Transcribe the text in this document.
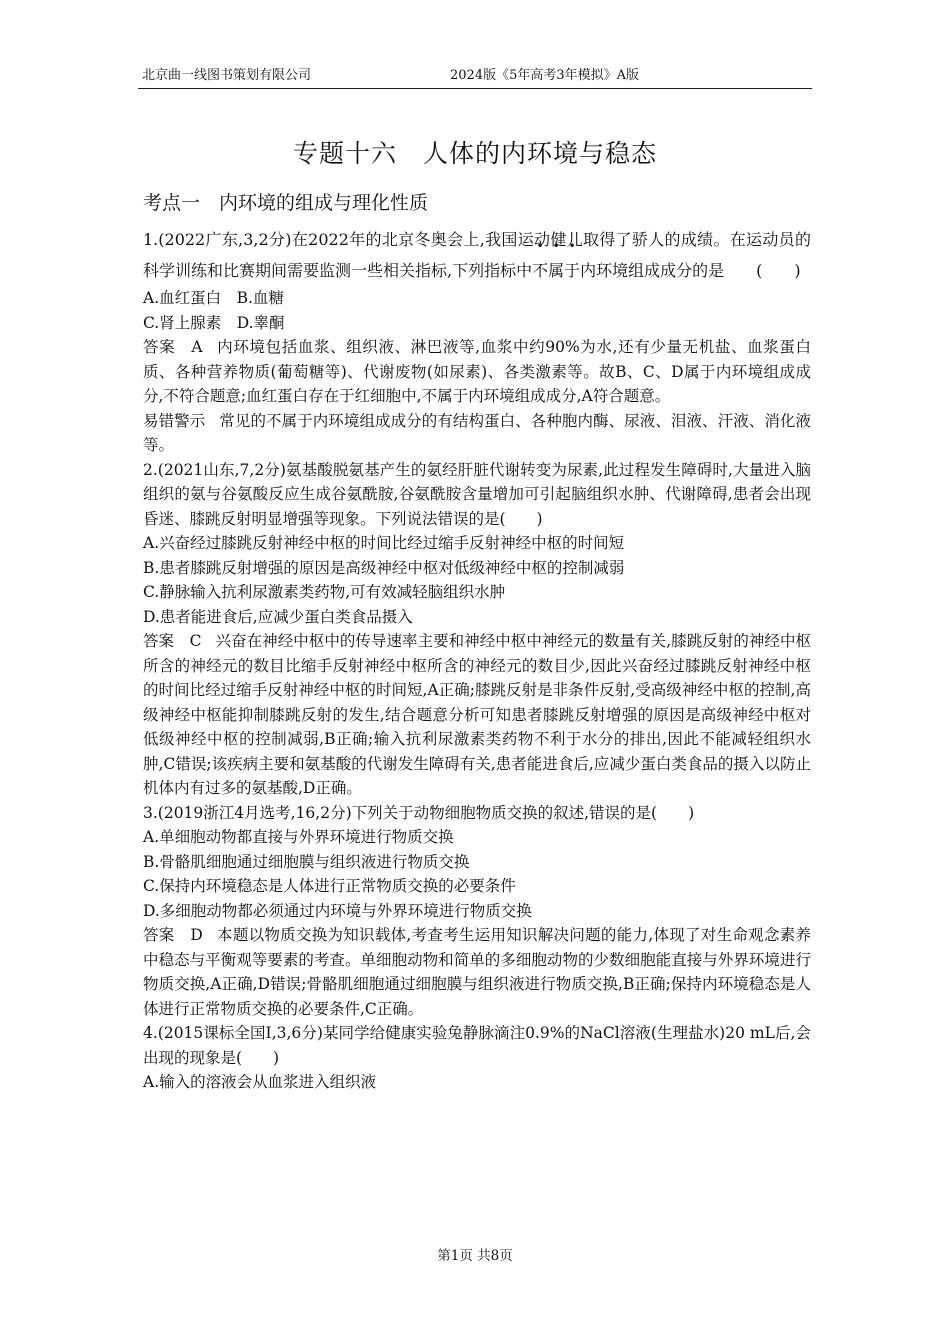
北京曲一线图书策划有限公司	2024版《5年高考3年模拟》A版
专题十六　人体的内环境与稳态
考点一　内环境的组成与理化性质

1.(2022广东,3,2分)在2022年的北京冬奥会上,我国运动健儿取得了骄人的成绩。在运动员的科学训练和比赛期间需要监测一些相关指标,下列指标中不属于内环境组成成分的是　　(　　)

A.血红蛋白　B.血糖

C.肾上腺素　D.睾酮

答案　 A 内环境包括血浆、组织液、淋巴液等,血浆中约90%为水,还有少量无机盐、血浆蛋白质、各种营养物质(葡萄糖等)、代谢废物(如尿素)、各类激素等。故B、C、D属于内环境组成成分,不符合题意;血红蛋白存在于红细胞中,不属于内环境组成成分,A符合题意。

易错警示 常见的不属于内环境组成成分的有结构蛋白、各种胞内酶、尿液、泪液、汗液、消化液等。

2.(2021山东,7,2分)氨基酸脱氨基产生的氨经肝脏代谢转变为尿素,此过程发生障碍时,大量进入脑组织的氨与谷氨酸反应生成谷氨酰胺,谷氨酰胺含量增加可引起脑组织水肿、代谢障碍,患者会出现昏迷、膝跳反射明显增强等现象。下列说法错误的是(　　)

A.兴奋经过膝跳反射神经中枢的时间比经过缩手反射神经中枢的时间短

B.患者膝跳反射增强的原因是高级神经中枢对低级神经中枢的控制减弱

C.静脉输入抗利尿激素类药物,可有效减轻脑组织水肿

D.患者能进食后,应减少蛋白类食品摄入

答案　 C 兴奋在神经中枢中的传导速率主要和神经中枢中神经元的数量有关,膝跳反射的神经中枢所含的神经元的数目比缩手反射神经中枢所含的神经元的数目少,因此兴奋经过膝跳反射神经中枢的时间比经过缩手反射神经中枢的时间短,A正确;膝跳反射是非条件反射,受高级神经中枢的控制,高级神经中枢能抑制膝跳反射的发生,结合题意分析可知患者膝跳反射增强的原因是高级神经中枢对低级神经中枢的控制减弱,B正确;输入抗利尿激素类药物不利于水分的排出,因此不能减轻组织水肿,C错误;该疾病主要和氨基酸的代谢发生障碍有关,患者能进食后,应减少蛋白类食品的摄入以防止机体内有过多的氨基酸,D正确。

3.(2019浙江4月选考,16,2分)下列关于动物细胞物质交换的叙述,错误的是(　　)

A.单细胞动物都直接与外界环境进行物质交换

B.骨骼肌细胞通过细胞膜与组织液进行物质交换

C.保持内环境稳态是人体进行正常物质交换的必要条件

D.多细胞动物都必须通过内环境与外界环境进行物质交换

答案　 D 本题以物质交换为知识载体,考查考生运用知识解决问题的能力,体现了对生命观念素养中稳态与平衡观等要素的考查。单细胞动物和简单的多细胞动物的少数细胞能直接与外界环境进行物质交换,A正确,D错误;骨骼肌细胞通过细胞膜与组织液进行物质交换,B正确;保持内环境稳态是人体进行正常物质交换的必要条件,C正确。

4.(2015课标全国Ⅰ,3,6分)某同学给健康实验兔静脉滴注0.9%的NaCl溶液(生理盐水)20 mL后,会出现的现象是(　　)

A.输入的溶液会从血浆进入组织液

第1页 共8页
